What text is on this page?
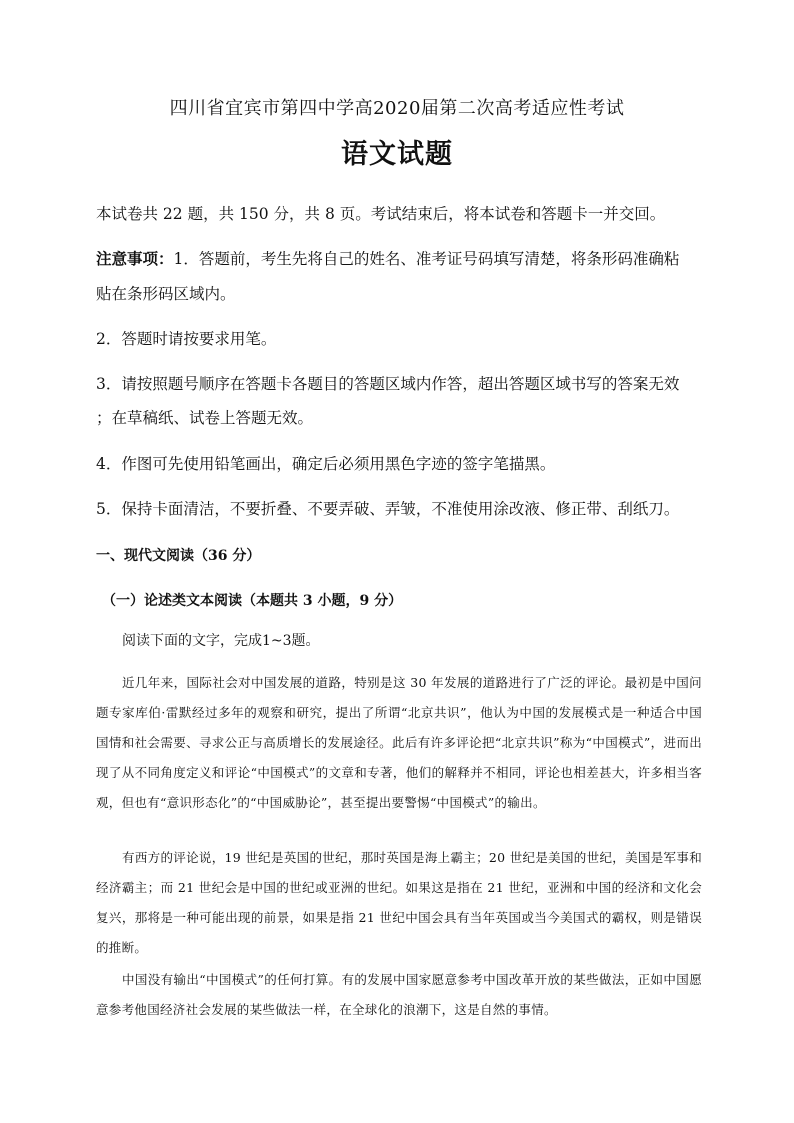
四川省宜宾市第四中学高2020届第二次高考适应性考试
语文试题
本试卷共 22 题，共 150 分，共 8 页。考试结束后，将本试卷和答题卡一并交回。
注意事项：1．答题前，考生先将自己的姓名、准考证号码填写清楚，将条形码准确粘
贴在条形码区域内。
2．答题时请按要求用笔。
3．请按照题号顺序在答题卡各题目的答题区域内作答，超出答题区域书写的答案无效
；在草稿纸、试卷上答题无效。
4．作图可先使用铅笔画出，确定后必须用黑色字迹的签字笔描黑。
5．保持卡面清洁，不要折叠、不要弄破、弄皱，不准使用涂改液、修正带、刮纸刀。
一、现代文阅读（36 分）
（一）论述类文本阅读（本题共 3 小题，9 分）
阅读下面的文字，完成1~3题。
近几年来，国际社会对中国发展的道路，特别是这 30 年发展的道路进行了广泛的评论。最初是中国问题专家库伯·雷默经过多年的观察和研究，提出了所谓“北京共识”，他认为中国的发展模式是一种适合中国国情和社会需要、寻求公正与高质增长的发展途径。此后有许多评论把“北京共识”称为“中国模式”，进而出现了从不同角度定义和评论“中国模式”的文章和专著，他们的解释并不相同，评论也相差甚大，许多相当客观，但也有“意识形态化”的“中国威胁论”，甚至提出要警惕“中国模式”的输出。
有西方的评论说，19 世纪是英国的世纪，那时英国是海上霸主；20 世纪是美国的世纪，美国是军事和经济霸主；而 21 世纪会是中国的世纪或亚洲的世纪。如果这是指在 21 世纪，亚洲和中国的经济和文化会复兴，那将是一种可能出现的前景，如果是指 21 世纪中国会具有当年英国或当今美国式的霸权，则是错误的推断。
中国没有输出“中国模式”的任何打算。有的发展中国家愿意参考中国改革开放的某些做法，正如中国愿意参考他国经济社会发展的某些做法一样，在全球化的浪潮下，这是自然的事情。
